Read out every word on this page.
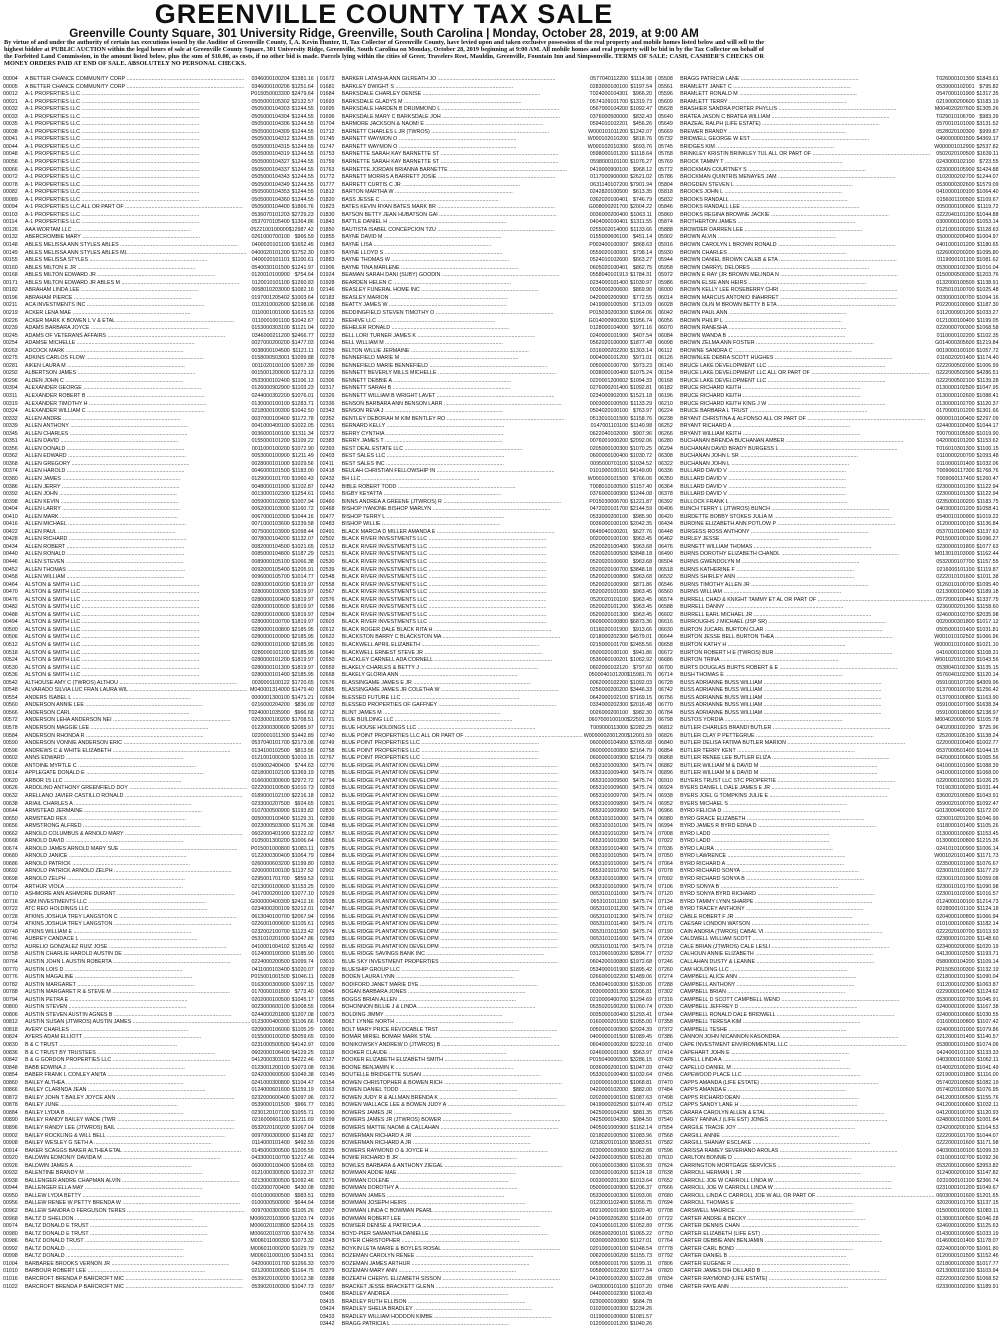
GREENVILLE COUNTY TAX SALE
Greenville County Square, 301 University Ridge, Greenville, South Carolina | Monday, October 28, 2019, at 9:00 AM
By virtue of and under the authority of certain tax executions issued by the Auditor of Greenville County, I, A. Kevin Hunter, II, Tax Collector of Greenville County, have levied upon and taken exclusive possession of the real property and mobile homes listed below and will sell to the highest bidder at PUBLIC AUCTION within the legal hours of sale at Greenville County Square, 301 University Ridge, Greenville, South Carolina on Monday, October 28, 2019 beginning at 9:00 AM. All mobile homes and real property will be bid in by the Tax Collector on behalf of the Forfeited Land Commission, in the amount listed below, plus the sum of $10.00, as costs, if no other bid is made. Parcels lying within the cities of Greer, Travelers Rest, Mauldin, Greenville, Fountain Inn and Simpsonville. TERMS OF SALE: CASH, CASHIER'S CHECKS OR MONEY ORDERS PAID AT END OF SALE. ABSOLUTELY NO PERSONAL CHECKS.
00004	A BETTER CHANCE COMMUNITY CORP ................................................................................	0346000100204 $1381.16
00005	A BETTER CHANCE COMMUNITY CORP ................................................................................	0346000100206 $1251.64
00012	A-1 PROPERTIES LLC ................................................................................	P015050003300 $2479.64
00021	A-1 PROPERTIES LLC ................................................................................	0505000105302 $2132.57
00032	A-1 PROPERTIES LLC ................................................................................	0505000104303 $1244.55
00033	A-1 PROPERTIES LLC ................................................................................	0505000104304 $1244.55
00035	A-1 PROPERTIES LLC ................................................................................	0505000104306 $1244.55
00038	A-1 PROPERTIES LLC ................................................................................	0505000104309 $1244.55
00041	A-1 PROPERTIES LLC ................................................................................	0505000104312 $1244.55
00044	A-1 PROPERTIES LLC ................................................................................	0505000104315 $1244.55
00048	A-1 PROPERTIES LLC ................................................................................	0505000104319 $1244.55
00056	A-1 PROPERTIES LLC ................................................................................	0505000104327 $1244.55
00066	A-1 PROPERTIES LLC ................................................................................	0505000104337 $1244.55
00072	A-1 PROPERTIES LLC ................................................................................	0505000104343 $1244.55
00078	A-1 PROPERTIES LLC ................................................................................	0505000104349 $1244.55
00082	A-1 PROPERTIES LLC ................................................................................	0505000104353 $1244.55
00089	A-1 PROPERTIES LLC ................................................................................	0505000104360 $1244.55
00094	A-1 PROPERTIES LLC ALL OR PART OF ................................................................................	0505000104400 $1866.76
00103	A-1 PROPERTIES LLC ................................................................................	0536070101203 $2729.23
00114	A-1 PROPERTIES LLC ................................................................................	0537070105400 $1364.86
00126	AAA WORTAM LLC ................................................................................	0522100100000 $12987.42
00132	ABERCROMBIE MARY ................................................................................	0261000700100 $966.59
00148	ABLES MELISSA ANN STYLES ABLES ................................................................................	0400020101100 $1652.45
00149	ABLES MELISSA ANN STYLES ABLES ML ................................................................................ 0400020101200 $1752.30
00155	ABLES MELISSA STYLES ................................................................................	0400020101101 $1100.61
00160	ABLES MILTON E JR ................................................................................	0540030101500 $1241.97
00168	ABLES MILTON EDWARD JR ................................................................................	0120010100900 $754.64
00171	ABLES MILTON EDWARD JR ABLES M ................................................................................	0120010101100 $1260.83
00182	ABRAHAM LINDA LEE ................................................................................	0058010203000 $1082.16
00196	ABRAHAM PIERCE ................................................................................	0197001205402 $1003.64
00211	ACA INVESTMENTS INC ................................................................................	0112010002600 $2198.06
00219	ACKER LENA MAE ................................................................................	0110001001000 $1615.53
00226	ACKER MARK K BOWEN L V & ETAL ................................................................................	0110001001100 $1042.67
00239	ADAMS BARBARA JOYCE ................................................................................	0153000303100 $1121.04
00245	ADAMS OF VETERANS AFFAIRS ................................................................................	0346000211200 $2466.77
00254	ADAMSE MICHELLE ................................................................................	0027000200200 $1477.03
00263	ADCOCK MARK ................................................................................	0038000104500 $1121.11
00275	ADKINS CARLOS FLOW ................................................................................	0158090503001 $1099.88
00281	AIKEN LAURA M ................................................................................	0011020100100 $1057.39
00292	ALBERTSON JAMES ................................................................................	0015001200600 $1273.13
00296	ALDEN JOHN C ................................................................................	0533000102400 $1106.13
00304	ALEXANDER GEORGE ................................................................................	0126000902900 $1103.23
00311	ALEXANDER ROBERT B ................................................................................	0244000302200 $1076.01
00319	ALEXANDER TIMOTHY H ................................................................................	0130000100100 $1283.71
00324	ALEXANDER WILLIAM C ................................................................................	0218000100300 $1042.50
00332	ALLEN ANDRE ................................................................................	0037000100400 $1172.78
00339	ALLEN ANTHONY ................................................................................	0041000400100 $1022.05
00345	ALLEN CHARLES ................................................................................	0036000100100 $1311.34
00351	ALLEN DAVID ................................................................................	0155000101200 $1109.22
00356	ALLEN DONALD ................................................................................	0011000100200 $1072.90
00362	ALLEN EDWARD ................................................................................	0053000100900 $1211.49
00368	ALLEN GREGORY ................................................................................	0028000101000 $1029.56
00374	ALLEN HAROLD ................................................................................	0046000101500 $1183.00
00380	ALLEN JAMES ................................................................................	0129000101700 $1060.43
00386	ALLEN JERRY ................................................................................	0048000101900 $1102.87
00392	ALLEN JOHN ................................................................................	0013000102300 $1254.61
00398	ALLEN KEVIN ................................................................................	0059000102800 $1007.94
00404	ALLEN LARRY ................................................................................	0062000103000 $1160.72
00410	ALLEN MARK ................................................................................	0067000103300 $1044.16
00416	ALLEN MICHAEL ................................................................................	0071000103600 $1239.58
00422	ALLEN PAUL ................................................................................	0075000103900 $1098.44
00428	ALLEN RICHARD ................................................................................	0078000104200 $1132.07
00434	ALLEN ROBERT ................................................................................	0082000104500 $1021.65
00440	ALLEN RONALD ................................................................................	0085000104800 $1187.29
00446	ALLEN STEVEN ................................................................................	0089000105100 $1066.38
00452	ALLEN THOMAS ................................................................................	0092000105400 $1205.91
00458	ALLEN WILLIAM ................................................................................	0096000105700 $1014.77
00464	ALSTON & SMITH LLC ................................................................................	0280000100200 $1819.97
00470	ALSTON & SMITH LLC ................................................................................	0280000100300 $1819.97
00476	ALSTON & SMITH LLC ................................................................................	0280000100400 $1819.97
00482	ALSTON & SMITH LLC ................................................................................	0280000100500 $1819.97
00488	ALSTON & SMITH LLC ................................................................................	0280000100600 $1819.97
00494	ALSTON & SMITH LLC ................................................................................	0280000100700 $1819.97
00500	ALSTON & SMITH LLC ................................................................................	0280000100800 $2185.95
00506	ALSTON & SMITH LLC ................................................................................	0280000100900 $2185.95
00512	ALSTON & SMITH LLC ................................................................................	0280000101000 $2185.95
00518	ALSTON & SMITH LLC ................................................................................	0280000101100 $2185.95
00524	ALSTON & SMITH LLC ................................................................................	0280000101200 $1819.97
00530	ALSTON & SMITH LLC ................................................................................	0280000101300 $1819.97
00536	ALSTON & SMITH LLC ................................................................................	0280000101400 $2185.95
00542	ALTHOUSE AMY C (TWROS) ALTHOU ................................................................................	0030001100122 $1720.65
00548	ALVARADO SILVIA LUC FRAN LAURA WIL ................................................................................ M040001314000 $1479.40
00554	ANDERS ISABEL L ................................................................................	0000001300100 $1471.21
00560	ANDERSON ANNIE LEE ................................................................................	0216000204200 $836.09
00566	ANDERSON CARL ................................................................................	T0240001035900 $966.68
00572	ANDERSON LEHA ANDERSON NEI ................................................................................	0203000100200 $1708.51
00578	ANDERSON MAGGIE LEE ................................................................................	0122000300600 $2085.97
00584	ANDERSON RHONDA R ................................................................................	0220001011300 $1442.89
00590	ANDERSON VONNIE ANDERSON ERIC ................................................................................	0537040101700 $2173.08
00596	ANDREWS C & WHITE ELIZABETH ................................................................................	0134100102500 $813.56
00602	ANNS EDWARD ................................................................................	0121001000300 $1010.15
00608	ANTOINE MYRTLE C ................................................................................	0109002400400 $744.63
00614	APPLEGATE DONALD E ................................................................................	0218000102100 $1369.19
00620	ARBOR 15 LLC ................................................................................	0166000300600 $2972.72
00626	ARDOLINO ANTHONY GREENFIELD DOY ................................................................................ 0222000100500 $1010.73
00632	ARELLANO JAVIER CASTILLO RONALD ................................................................................	0189000102100 $2216.18
00638	ARIAIL CHARLES A ................................................................................	0233000207500 $924.65
00644	ARMSTEAD JERMAINE ................................................................................	0107000500900 $1193.82
00650	ARMSTEAD REX ................................................................................	0050000100400 $1129.31
00656	ARMSTRONG ALFRED ................................................................................	0023000503000 $1176.36
00662	ARNOLD COLUMBUS & ARNOLD MARY ................................................................................	0602000401900 $1322.02
00668	ARNOLD DAVID ................................................................................	0105001300200 $1006.64
00674	ARNOLD JAMES ARNOLD MARY SUE ................................................................................	P015001000800 $1083.11
00680	ARNOLD JANICE ................................................................................	0122000300400 $1064.79
00686	ARNOLD PATRICK ................................................................................	0260000603200 $1199.80
00692	ARNOLD PATRICK ARNOLD ZELPH ................................................................................	0200000100100 $1137.52
00698	ARNOLD ZELPH ................................................................................	0295001701700 $859.53
00704	ARTHUR VIOLA ................................................................................	0213000100600 $1153.25
00710	ASHMORE ANN ASHMORE DURANT ................................................................................	0417000200100 $1077.10
00716	ASM INVESTMENTS LLC ................................................................................	G000000400300 $2412.16
00722	ATC REO HOLDINGS LLC ................................................................................	0234000200109 $3212.01
00728	ATKINS JOSHUA TREY LANGSTON C ................................................................................	0613040100700 $2067.94
00734	ATKINS JOSHUA TREY LANGSTON ................................................................................	0226001000600 $1105.61
00740	ATKINS WILLIAM E ................................................................................	0232002100700 $1123.42
00746	AUBREY CANDACE L ................................................................................	0531010201000 $1047.86
00752	AURELIO GONZALEZ RUIZ JOSE ................................................................................	0410001004102 $1265.42
00758	AUSTIN CHARLIE HAROLD AUSTIN DE ................................................................................	0124000100300 $1185.90
00764	AUSTIN JOHN L AUSTIN ROBERTA ................................................................................	0224000200500 $1099.74
00770	AUSTIN LOIS D ................................................................................	0411000103400 $1020.07
00776	AUSTIN MAGALINE ................................................................................	P015001001500 $1046.11
00782	AUSTIN MARGARET ................................................................................	0163000300900 $1097.15
00788	AUSTIN MARGARET R & STEVE M ................................................................................	0170000101800 $773.40
00794	AUSTIN PETRA E ................................................................................	0202000100500 $1045.17
00800	AUSTIN STEVEN ................................................................................	0023000600100 $1008.55
00806	AUSTIN STEVEN AUSTIN AGNES B ................................................................................	0244000201800 $1207.08
00812	AUSTIN SUSAN (JTWROS) AUSTIN JAMES ................................................................................ 0123000400300 $1106.66
00818	AVERY CHARLES ................................................................................	0209000106000 $1105.29
00824	AYERS ADAM ELLIOTT ................................................................................	0155000100200 $5059.65
00830	B & C TRUST ................................................................................	0231000500500 $4142.97
00836	B & C TRUST BY TRUSTEES ................................................................................	0602000106400 $4129.25
00842	B & G GORDON PROPERTIES LLC ................................................................................	0412000303101 $4222.46
00848	BABB EDWINA J ................................................................................	0123001200100 $1073.08
00854	BABER FRANK L CONLEY ANITA ................................................................................	0242000600500 $1049.38
00860	BAILEY ALTHEA ................................................................................	0241000300800 $1104.47
00866	BAILEY CLARINDA JEAN ................................................................................	0124000601600 $1159.19
00872	BAILEY JOHN T BAILEY JOYCE ANN ................................................................................	0232000600400 $1097.96
00878	BAILEY JUNE ................................................................................	0539000101500 $966.77
00884	BAILEY LYDIA B ................................................................................	0230120107100 $1055.71
00890	BAILEY RANDY BAILEY WADE (TWR ................................................................................	0216000601100 $1211.69
00896	BAILEY RANDY LEE (JTWROS) BAIL ................................................................................	0532020100200 $1067.04
00902	BAILEY ROCKLING & WILL BELL ................................................................................	0097000300900 $1148.82
00908	BAILEY WESLEY G SETH A ................................................................................	0114000101400 $492.55
00914	BAKER SCAGGS BAKER ALTHEA ETAL ................................................................................	0145000300500 $1205.59
00920	BALDWIN EDMONIY DAVIDA M ................................................................................	0433000100700 $1217.46
00926	BALDWIN JAMES A ................................................................................	0600000100400 $1084.65
00932	BALENTINE BRANDY M ................................................................................	0121000300500 $1022.37
00938	BALLENGER ANDRE CHAPMAN ALVIN ................................................................................	0213000300500 $1092.46
00944	BALLENGER ELLA MAY ................................................................................	0102000700400 $430.08
00950	BALLEW LYDIA BETTY ................................................................................	0101000600500 $983.51
00956	BALLEW RENEE W PETTY BRENDA W ................................................................................	0100000500900 $644.64
00962	BALLEW SANDRA D FERGUSON TERES ................................................................................	0097000300300 $1105.26
00968	BALTZ D SHELDON ................................................................................	M006020103900 $1203.74
00974	BALTZ DONALD E TRUST ................................................................................	M006020103800 $2264.15
00980	BALTZ DONALD E TRUST ................................................................................	M006020103700 $1074.55
00986	BALTZ DONALD TRUST ................................................................................	M006011000300 $1073.32
00992	BALTZ DONALD ................................................................................	M006011000200 $1029.79
00998	BALTZ DONALD ................................................................................	M006011000100 $1043.51
01004	BARBAREE BROOKS VERNON JR ................................................................................	0420000101700 $1266.33
01010	BARBOUR ROBERT LEE ................................................................................	0212000100500 $1164.75
01016	BARCROFT BRENDA P BARCROFT MIC ................................................................................	0539020100200 $1012.38
01022	BARCROFT BRENDA P BARCROFT MIC ................................................................................	0539020100300 $1047.73
01672	BARKER LATASHA ANN GILREATH JO ................................................................................	0577040112200 $1114.98
01681	BARKLEY DWIGHT S ................................................................................	0283000100100 $1197.54
01684	BARKSDALE CHARLEY DENISE ................................................................................	T024000104301 $966.20
01693	BARKSDALE GLADYS M ................................................................................	0574109101700 $1319.73
01695	BARKSDALE HARDEN B DRUMMOND L ................................................................................	0567000104200 $1092.47
01696	BARKSDALE MARY C BARKSDALE JOH ................................................................................	0376000500000 $832.43
01704	BARMORE JACKSON & NAOMI E ................................................................................	0594010102201 $456.26
01712	BARNETT CHARLES L JR (TWROS) ................................................................................	W000101011200 $1242.07
01745	BARNETT WAYMON O ................................................................................	W000102010200 $818.76
01747	BARNETT WAYMON O ................................................................................	W000102010300 $693.76
01753	BARNETTE SARAH KAY BARNETTE ST ................................................................................	0598000101200 $1118.64
01759	BARNETTE SARAH KAY BARNETTE ST ................................................................................	0598000101100 $1076.27
01763	BARNETTE JORDAN BRIANNA BARNETTE ................................................................................	0419000900100 $968.12
01772	BARNETT MORRIS A BARRETT JOSIE ................................................................................	0117000900000 $2621.02
01777	BARRETT CURTIS C JR ................................................................................	0631140107200 $7901.94
01812	BARTON MARTHA W ................................................................................	0242820100500 $613.35
01820	BASS JESSE C ................................................................................	0362020100401 $746.79
01823	BATES KEVIN RYAN BATES MARK BR ................................................................................	G008000201700 $2004.22
01830	BATSON BETTY JEAN HUBATSON GAI ................................................................................	0036000200400 $1063.11
01843	BATTLE DANIEL H ................................................................................	0404000100401 $1311.55
01850	BAUTISTA ISABEL CONCEPCION TZU ................................................................................	0255002014000 $1133.66
01855	BAYNE DAVID M ................................................................................	0155000606100 $451.14
01863	BAYNE LISA ................................................................................	P003400100907 $868.63
01870	BAYNE LLOYD S ................................................................................	0559020100901 $798.14
01883	BAYNE THOMAS W ................................................................................	0524010102600 $663.27
01906	BAYNE TINA MARLENE ................................................................................	0605020100401 $862.75
01924	BEAMAN SARAH DANI (SUBY) GOODIN ................................................................................	0558040101913 $1784.31
01928	BEARDEN HELEN C ................................................................................	0234000101400 $1030.97
02146	BEASLEY FUNERAL HOME INC ................................................................................	0036000200600 $869.90
02183	BEASLEY MARION ................................................................................	0420000200900 $772.55
02188	BEATTY JAMES W ................................................................................	0419000100500 $713.09
02206	BEDDINGFIELD STEVEN TIMOTHY O ................................................................................	P015030200300 $1864.06
02212	BEEHIVE LLC ................................................................................	G014000900200 $1956.74
02220	BEHELER RONALD ................................................................................	0128000104000 $971.16
02233	BELL LORI TURNER JAMES K ................................................................................	0240000101900 $407.54
02246	BELL WILLIAM M ................................................................................	0562020100000 $1877.48
02259	BELTON WILLIE JERMAINE ................................................................................	0316000202200 $1303.14
02278	BENNEFIELD MARIE M ................................................................................	0004000101200 $971.01
02286	BENNEFIELD MARIE BENNEFIELD ................................................................................	0050000100700 $973.23
02295	BENNETT BEVERLY MILLS MICHELLE ................................................................................	0038000100400 $1075.24
02306	BENNETT DEBBIE A ................................................................................	0220001200602 $1094.33
02317	BENNETT SARAH B ................................................................................	0276000201400 $1092.81
02326	BENNETT WILLIAM B WRIGHT LAVET ................................................................................	0234000902000 $1521.18
02336	BENSON BARBARA ANN BENSON LARR ................................................................................	0003000100500 $1133.29
02343	BENSON REVA J ................................................................................	0504020100100 $763.97
02352	BENTLEY DEBORAH M KIM BENTLEY RO ................................................................................	0513010101500 $1158.76
02361	BERNARD KELLY ................................................................................	0147001101100 $1140.98
02372	BERRY CYNTHIA ................................................................................	0622040102000 $907.96
02383	BERRY JAMES T ................................................................................	0076001000200 $2092.06
02393	BEST DEAL ESTATE LLC ................................................................................	0205000100300 $1070.25
02403	BEST SALES LLC ................................................................................	0600000100400 $1030.72
02411	BEST SALES INC ................................................................................	0095000701100 $1034.52
02418	BEULAH CHRISTIAN FELLOWSHIP IN ................................................................................	0101000100101 $4149.00
02432	BH LLC ................................................................................	W000100101500 $766.06
02442	BIBLE ROBERT TODD ................................................................................	T008010100500 $1157.40
02451	BIGBY KEYATTA ................................................................................	0376000100900 $1244.08
02460	BINNS ANDREA A GREENE (JTWROS) R ................................................................................	P015030006700 $1221.87
02468	BISHOP IYANONE BISHOP MARLYN ................................................................................	0472020101700 $2144.59
02477	BISHOP TERRY L ................................................................................	0533000200100 $985.90
02483	BISHOP WILLIE ................................................................................	0036000100100 $2042.35
02491	BLACK MARCIA D MILLER AMANDA E ................................................................................	0649040100201 $627.76
02502	BLACK RIVER INVESTMENTS LLC ................................................................................	0020000100100 $963.45
02512	BLACK RIVER INVESTMENTS LLC ................................................................................	0520020100400 $963.68
02521	BLACK RIVER INVESTMENTS LLC ................................................................................	0520020100500 $3848.18
02530	BLACK RIVER INVESTMENTS LLC ................................................................................	0520020100600 $963.68
02539	BLACK RIVER INVESTMENTS LLC ................................................................................	0520020100700 $3848.18
02548	BLACK RIVER INVESTMENTS LLC ................................................................................	0520020100800 $963.68
02558	BLACK RIVER INVESTMENTS LLC ................................................................................	0520020100900 $871.86
02567	BLACK RIVER INVESTMENTS LLC ................................................................................	0520020101000 $963.45
02576	BLACK RIVER INVESTMENTS LLC ................................................................................	0520020101100 $963.45
02586	BLACK RIVER INVESTMENTS LLC ................................................................................	0520020101200 $963.45
02594	BLACK RIVER INVESTMENTS LLC ................................................................................	0520020101300 $963.45
02603	BLACK RIVER INVESTMENTS LLC ................................................................................	0609000100800 $6873.36
02612	BLACK ROGER DALE BLACK RITA H ................................................................................	0116020101900 $913.66
02622	BLACKSTON BARRY C BLACKSTON MA ................................................................................	0218000202300 $4579.01
02631	BLACKWELL APRIL ELIZABETH ................................................................................	0215000101700 $2455.56
02640	BLACKWELL ERNEST STEVE JR ................................................................................	0500020100100 $941.86
02650	BLACKLEY CARNELL ADA CORNELL ................................................................................	0536060100201 $1062.92
02659	BLAKELY CHARLES & BETTY J ................................................................................	0602000102120 $797.60
02668	BLAKELY GLORIA ANN ................................................................................	0500040101200 $15981.76
02676	BLASSINGAME JAMES E JR ................................................................................	0062000102200 $1092.03
02685	BLASSINGAME JAMES JR COLETHA W ................................................................................	0256000200200 $3446.33
02694	BLESSED FUTURE LLC ................................................................................	0642000102100 $7169.15
02703	BLESSED PROPERTIES OF GAFFNEY ................................................................................	0334000202300 $2016.48
02712	BLINT JAMES M ................................................................................	0026000200100 $982.30
02721	BLUE BUILDING LLC ................................................................................	0607000100100 $22591.39
02731	BLUE HOUSE HOLDINGS LLC ................................................................................	T009000113000 $2282.25
02740	BLUE POINT PROPERTIES LLC ALL OR PART OF ................................................................................ W0090002001200 $12001.59
02749	BLUE POINT PROPERTIES LLC ................................................................................	0600000104900 $3765.68
02758	BLUE POINT PROPERTIES LLC ................................................................................	0600000100800 $2164.79
02767	BLUE POINT PROPERTIES LLC ................................................................................	0600000100900 $2164.79
02776	BLUE RIDGE PLANTATION DEVELOPM ................................................................................	0653101009300 $475.74
02785	BLUE RIDGE PLANTATION DEVELOPM ................................................................................	0653101009400 $475.74
02794	BLUE RIDGE PLANTATION DEVELOPM ................................................................................	0653101009500 $475.74
02803	BLUE RIDGE PLANTATION DEVELOPM ................................................................................	0653101009600 $475.74
02812	BLUE RIDGE PLANTATION DEVELOPM ................................................................................	0653101009700 $475.74
02821	BLUE RIDGE PLANTATION DEVELOPM ................................................................................	0653101009800 $475.74
02830	BLUE RIDGE PLANTATION DEVELOPM ................................................................................	0653101009900 $475.74
02839	BLUE RIDGE PLANTATION DEVELOPM ................................................................................	0653101010000 $475.74
02848	BLUE RIDGE PLANTATION DEVELOPM ................................................................................	0653101010100 $475.74
02857	BLUE RIDGE PLANTATION DEVELOPM ................................................................................	0653101010200 $475.74
02866	BLUE RIDGE PLANTATION DEVELOPM ................................................................................	0653101010300 $475.74
02875	BLUE RIDGE PLANTATION DEVELOPM ................................................................................	0653101010400 $475.74
02884	BLUE RIDGE PLANTATION DEVELOPM ................................................................................	0653101010500 $475.74
02893	BLUE RIDGE PLANTATION DEVELOPM ................................................................................	0653101010600 $475.74
02902	BLUE RIDGE PLANTATION DEVELOPM ................................................................................	0653101010700 $475.74
02911	BLUE RIDGE PLANTATION DEVELOPM ................................................................................	0653101010800 $475.74
02920	BLUE RIDGE PLANTATION DEVELOPM ................................................................................	0653101010900 $475.74
02929	BLUE RIDGE PLANTATION DEVELOPM ................................................................................	0653101011000 $475.74
02938	BLUE RIDGE PLANTATION DEVELOPM ................................................................................	0653101011100 $475.74
02947	BLUE RIDGE PLANTATION DEVELOPM ................................................................................	0653101011200 $475.74
02956	BLUE RIDGE PLANTATION DEVELOPM ................................................................................	0653101011300 $475.74
02965	BLUE RIDGE PLANTATION DEVELOPM ................................................................................	0653101011400 $475.74
02974	BLUE RIDGE PLANTATION DEVELOPM ................................................................................	0653101011500 $475.74
02983	BLUE RIDGE PLANTATION DEVELOPM ................................................................................	0653101011600 $475.74
02992	BLUE RIDGE PLANTATION DEVELOPM ................................................................................	0653101011700 $475.74
03001	BLUE RIDGE SAVINGS BANK INC ................................................................................	0312060100200 $2894.77
03010	BLUE SKY INVESTMENT PROPERTIES ................................................................................	0604200100800 $1972.68
03019	BLUESHIP GROUP LLC ................................................................................	0534000101900 $1895.42
03028	BODEN LAURA LYNN ................................................................................	0266000102200 $1489.06
03037	BODIFORD JANET MARIE DYE ................................................................................	0536040100300 $1530.06
03046	BOGAN BARBARA JONES ................................................................................	0030000301300 $2006.81
03055	BOGGS BRIAN ALLEN ................................................................................	0210000400700 $1294.69
03064	BOHONNON BILLIE J & LINDA ................................................................................	0535020100200 $1060.74
03073	BOLDING JIMMY ................................................................................	0035000100400 $1293.41
03082	BOLT LYNNE NORTH ................................................................................	0160000201500 $1055.00
03091	BOLT MARY PRICE REVOCABLE TRST ................................................................................	0050000100900 $2924.39
03100	BOMAR MIRIEL BOMAR MARK STAL ................................................................................	0400000101500 $1089.45
03109	BONIKOWSKY ANDREW D (JTWROS) B ................................................................................	0604000100200 $2232.16
03118	BOOKER CLAUDE ................................................................................	0246000101900 $963.97
03127	BOOKER ELIZABETH ELIZABETH SMITH ................................................................................	P015040006500 $3286.15
03136	BOONE BENJAMIN K ................................................................................	0036000200100 $1047.09
03145	BOUTELLE BRIDGETTE SUSAN ................................................................................	0533010100400 $1032.64
03154	BOWEN CHRISTOPHER & BOWEN RICH ................................................................................	0100000100100 $1068.81
03163	BOWEN DANIEL TODD ................................................................................	0420000102000 $882.00
03172	BOWEN JUDY R & ALLMAN BRENDA K ................................................................................	0202000100100 $1087.63
03181	BOWEN WALLACE LEE & BOWEN JUDY A ................................................................................	0419000202500 $1074.40
03190	BOWERS JAMES JR ................................................................................	0425000104200 $881.35
03199	BOWERS JAMES JR (JTWROS) BOWER ................................................................................	0425000104300 $984.50
03208	BOWERS MATTIE NAOMI & CALLAHAN ................................................................................	0405001000900 $1162.14
03217	BOWERMAN RICHARD A JR ................................................................................	0218020100500 $1083.96
03226	BOWERMAN RICHARD A JR ................................................................................	0218020101100 $5983.51
03235	BOWERS RAYMOND O & JOYCE H ................................................................................	0230000100600 $1062.88
03244	BOWIE RICHARD B JR ................................................................................	0432000100500 $1051.80
03253	BOWLES BARBARA & ANTHONY ZIEGAL ................................................................................	0001000103800 $1036.93
03262	BOWMAN ADDIE MAE ................................................................................	0230020100200 $1124.18
03271	BOWMAN COLENE ................................................................................	0033000201300 $1013.64
03280	BOWMAN DOROTHY A ................................................................................	0500000100900 $1206.37
03289	BOWMAN JAMES ................................................................................	0533000100300 $1093.06
03298	BOWMAN JOSEPH HEIRS ................................................................................	0123001102400 $1056.75
03307	BOWMAN LINDA C BOWMAN PEARL ................................................................................	0021000101900 $1020.40
03316	BOWMAN ROBERT LEE ................................................................................	0410000206200 $1164.00
03325	BOWSER DENISE & PATRICIA A ................................................................................	0241000101200 $1052.89
03334	BOYD-PIER SAMANTHA DANIELLE ................................................................................	0605000200101 $1065.22
03343	BOYER CHRISTOPHER ................................................................................	0030000200300 $1127.01
03352	BOYKIN LETA MARIE & BOYLES ROSAL ................................................................................	0201000100100 $1048.54
03361	BOZEMAN CAROLYN RENEE ................................................................................	0062000100200 $1155.73
03370	BOZEMAN JAMES ARTHUR ................................................................................	0059000101700 $1095.11
03379	BOZEMAN MARY ANN ................................................................................	0058000102200 $1077.54
03388	BOZEATH CHERYL ELIZABETH SISSON ................................................................................	0410000100200 $1022.88
03397	BRACKET JESSE BRACKETT GLENN ................................................................................	0403000101100 $1107.20
03406	BRADLEY ANDREA ................................................................................	0440000102300 $1063.49
03415	BRADLEY RUTH ELLISON ................................................................................	0230000100800 $684.78
03424	BRADLEY SHELIA BRADLEY ................................................................................	0102000100300 $1234.26
03433	BRADLEY WILLIAM HODDON KIMBE ................................................................................	0119000100600 $1081.57
03442	BRAGG PATRICIA L ................................................................................	0120000101200 $1040.26
05508	BRAGG PATRICIA LANE ................................................................................	T026000101300 $1843.61
05561	BRAMLETT JANET C ................................................................................	0539000102001 $795.82
05596	BRAMLETT RONALD M ................................................................................	0547000101900 $1317.35
05609	BRAMLETT TERRY ................................................................................	0219000200600 $1183.19
05628	BRASHIER SANDRA PORTER PHYLLIS ................................................................................	M004020207600 $1305.26
05640	BRATEA JASON C BRATEA WILLIAM ................................................................................	T029010106700 $983.39
05649	BRAZEAL RALPH (LIFE ESTATE) ................................................................................	0570010101000 $3131.52
05669	BREWER BRANDY ................................................................................	0528020100300 $999.87
05732	BRIDWELL GEORGE W EST ................................................................................	0490000001500 $4369.17
05745	BRIDGES KIM ................................................................................	W000001012900 $2537.82
05768	BRINKLEY KRISTIN BRINKLEY TUL ALL OR PART OF ................................................................................	0502020100500 $1639.11
05769	BROCK TAMMY T ................................................................................	0243000102100 $723.55
05772	BROCKMAN COURTNEY S ................................................................................	0230000105900 $1424.88
05786	BROCKMAN QUINTRIS MENAYES JAM ................................................................................	0102000202700 $1244.07
05804	BROGDEN STEVEN L ................................................................................	0530000302600 $1579.09
05818	BROOKS JOHN L ................................................................................	0410000100100 $1064.40
05832	BROOKS RANDALL ................................................................................	0156001100500 $1109.67
05846	BROOKS RANDALL LEE ................................................................................	0050000100600 $1119.72
05860	BROOKS REGINA BROWNE JACKIE ................................................................................	0222040101200 $1044.88
05874	BROTHERTON JAMES ................................................................................	0300000100100 $1053.14
05888	BROWDER DARREN LEE ................................................................................	0121000100200 $1128.63
05902	BROWN ALVIN ................................................................................	0500000200400 $1004.97
05916	BROWN CAROLYN L BROWN RONALD ................................................................................	0401000101200 $1180.65
05930	BROWN CHARLES ................................................................................	0226000200200 $1095.80
05944	BROWN DANIEL BROWN CALEB & ETA ................................................................................	0119000101100 $1081.62
05958	BROWN DARRYL DELORES ................................................................................	0530000102300 $1016.04
05972	BROWN E RAY (JR BROWN MELINDA N ................................................................................	0150000500300 $1203.76
05986	BROWN ELSIE ANN HEIRS ................................................................................	0132000100500 $1138.91
06000	BROWN KELLY LEE ROSEBERRY CHRI ................................................................................	T025010100700 $1025.48
06014	BROWN MARCUS ANTONIO INAHRRET ................................................................................	0030000100700 $1094.16
06028	BROWN OLIN M BROWN BETTY B ETA ................................................................................	P022000100900 $1187.30
06042	BROWN PAUL ANN ................................................................................	0112000901200 $1033.27
06056	BROWN PHILIP L ................................................................................	0121000100400 $1199.05
06070	BROWN RANESHA ................................................................................	0220000700300 $1068.58
06084	BROWN WANDA B ................................................................................	0110000102200 $1102.35
06098	BROWN ZELMA ANN FOSTER ................................................................................	G014000305600 $1219.84
06112	BROWNE SANDRA C ................................................................................	0019000100100 $1057.72
06126	BROWNLEE DEBRA SCOTT HUGHES ................................................................................	0116020201400 $1174.40
06140	BRUCE LAKE DEVELOPMENT LLC ................................................................................	0222000502000 $1006.99
06154	BRUCE LAKE DEVELOPMENT LLC ALL OR PART OF ................................................................................	0222000502900 $4286.51
06168	BRUCE LAKE DEVELOPMENT LLC ................................................................................	0222000502100 $1139.28
06182	BRUCE RICHARD KEITH ................................................................................	0130000102500 $1047.95
06196	BRUCE RICHARD KEITH ................................................................................	0130000102600 $1088.41
06210	BRUCE RICHARD KEITH KING J W ................................................................................	0130000102700 $1120.37
06224	BRUCE BARBARA L TRUST ................................................................................	0170000101200 $1301.66
06238	BRYANT CHRISTINA & ALFONSO ALL OR PART OF ................................................................................	0600010100400 $2297.09
06252	BRYANT RICHARD A ................................................................................	0244000100400 $1044.17
06266	BRYANT WILLIAM KEITH ................................................................................	T007000105500 $1019.90
06280	BUCHANAN BRENDA BUCHANAN AMBER ................................................................................	0420000101200 $1153.62
06294	BUCHANAN DAVID BRADY BURGESS L ................................................................................	T016010301300 $1100.15
06308	BUCHANAN JOHN L SR ................................................................................	0110000200700 $1093.48
06322	BUCHANAN JOHN L ................................................................................	0110000101400 $1032.06
06336	BULLARD DAVID V ................................................................................	T009060117300 $1768.76
06350	BULLARD DAVID V ................................................................................	T009060117400 $1260.47
06364	BULLARD DAVID V ................................................................................	0230000101200 $1122.94
06378	BULLARD DAVID V ................................................................................	0230000101300 $1122.94
06392	BULLOCK FRANK L ................................................................................	0235000100200 $1183.75
06406	BUNCH TERRY L (JTWROS) BUNCH ................................................................................	0403000101200 $1058.41
06420	BURDETTE BOBBY STOKES JULIA M ................................................................................	0540010100900 $1019.22
06434	BURDINE ELIZABETH ANN POTLOW P ................................................................................	0120000100100 $1136.84
06448	BURGESS ROSS ANTHONY ................................................................................	0537010100400 $1137.63
06462	BURLEY JESSE ................................................................................	P015000100100 $1096.27
06476	BURNETT WILLIAM THOMAS ................................................................................	0230000101800 $1077.63
06490	BURNS DOROTHY ELIZABETH CHANDL ................................................................................	M013010103000 $1162.44
06504	BURNS GWENDOLYN M ................................................................................	0532000107700 $1157.55
06518	BURNS KATHERINE F ................................................................................	0216000101100 $1119.87
06532	BURNS SHIRLEY ANN ................................................................................	0222010101600 $1011.38
06546	BURNS TIMOTHY ALLEN JR ................................................................................	0126010100700 $1095.40
06560	BURNS WILLIAM ................................................................................	0213000100400 $1189.18
06574	BURRELL CHAD & KNIGHT TAMMY ET AL OR PART OF ................................................................................ 0572000100441 $1337.75
06588	BURRELL DANNY ................................................................................	0236000201300 $1158.60
06602	BURRELL EARL MICHAEL JR ................................................................................	0246000102700 $2035.98
06616	BURROUGHS J MICHAEL (JSP SR) ................................................................................	0020000301800 $1017.12
06630	BURTON JUCARL BURTON CLAR ................................................................................	0505000101400 $1031.81
06644	BURTON JESSE BELL BURTON THEA ................................................................................	W001010102502 $1066.96
06658	BURTON KATHY H ................................................................................	W000010101600 $1021.10
06672	BURTON ROBERT H E (TWROS) BUR ................................................................................	0416000102000 $1108.31
06686	BURTON TRINA ................................................................................	W001020101200 $1043.56
06700	BURTS DOUGLAS BURTS ROBERT & E ................................................................................	0538040102300 $1135.15
06714	BUSH THOMAS E ................................................................................	0576040102300 $1120.14
06728	BUSS ADRIANNE BUSS WILLIAM ................................................................................	0591000107200 $4309.96
06742	BUSS ADRIANNE BUSS WILLIAM ................................................................................	0137000100700 $1256.42
06756	BUSS ADRIANNE BUSS WILLIAM ................................................................................	0137000100800 $1163.90
06770	BUSS ADRIANNE BUSS WILLIAM ................................................................................	0591000107900 $1638.34
06784	BUSS ADRIANNE BUSS WILLIAM ................................................................................	0591000108000 $2138.97
06798	BUSTOS YORDIA ................................................................................	M004020000700 $1105.78
06812	BUTLER CHARLES BRANDI BUTLER ................................................................................	0402000102200 $725.96
06826	BUTLER CLAY P PETTEGRUE ................................................................................	0252000105100 $1138.24
06840	BUTLER DELISA FATIMA BUTLER MARION ................................................................................	0220000100400 $1002.77
06854	BUTLER TERRY KENT ................................................................................	0537000501400 $1044.15
06868	BUTLER RENEE LEE BUTLER ELIZA ................................................................................	0420000100600 $1065.56
06882	BUTLER WILLIAM M & DAVID M ................................................................................	0410000101900 $1088.39
06896	BUTLER WILLIAM M & DAVID M ................................................................................	0410000102000 $1068.00
06910	BUYERS TRUST LLC STC PROPERTIE ................................................................................	0220000102901 $1026.25
06924	BYERS DANIEL L DALE JAMES E JR ................................................................................	T019030100200 $1031.44
06938	BYERS JOEL G TOMPKINS JULIE E ................................................................................	0360020100500 $1043.91
06952	BYERS MICHAEL S ................................................................................	0590020100700 $1092.47
06966	BYRD FELICIA D ................................................................................	G013000400200 $1172.00
06980	BYRD GRACE ELIZABETH ................................................................................	0230010201200 $1046.99
06994	BYRD JAMES R BYRD EDNA D ................................................................................	0118000101400 $1105.26
07008	BYRD LADD ................................................................................	0130000100600 $1153.45
07022	BYRD LADD ................................................................................	0130000100800 $1215.36
07036	BYRD LAURA ................................................................................	0241010100900 $1006.14
07050	BYRD LAWRENCE ................................................................................	W001020101400 $1171.73
07064	BYRD RICHARD A ................................................................................	0235000101900 $1076.67
07078	BYRD RICHARD SONYA ................................................................................	0230010101800 $1177.29
07092	BYRD RICHARD SONYA B ................................................................................	0230010101900 $1059.08
07106	BYRD SONYA B ................................................................................	0230010101700 $1090.98
07120	BYRD SONYA BYRD RICHARD ................................................................................	0230010102000 $1016.57
07134	BYRD TAMMY LYNN SHARPE ................................................................................	0124000100100 $1214.73
07148	BYRD TRACEY ANTHONY ................................................................................	0228000101100 $1124.18
07162	CABLE ROBERT F JR ................................................................................	0204000100800 $1066.94
07176	CAESAR LONDON WATSON ................................................................................	0101000100600 $1182.14
07190	CAIN ANDRIA (TWROS) CABAL VI ................................................................................	0222020100700 $1013.93
07204	CALDWELL WILLIAM SCOTT ................................................................................	0238000101200 $1148.60
07218	CALE BRIAN (JTWROS) CALE LESLI ................................................................................	0234000200300 $1020.19
07232	CALHOUN ANNIE ELIZABETH ................................................................................	0413000102500 $1193.71
07246	CALLAHAN DUSTY & LEANNE ................................................................................	0580000104200 $1109.14
07260	CAM HOLDING LLC ................................................................................	P015050100300 $1132.19
07274	CAMPBELL ALICE ANN ................................................................................	0218000101900 $1090.04
07288	CAMPBELL ANTHONY ................................................................................	0112000102300 $1063.87
07302	CAMPBELL BRIAN ................................................................................	0229000100400 $1124.62
07316	CAMPBELL D SCOTT CAMPBELL WEND ................................................................................	0530000102700 $1045.91
07330	CAMPBELL JEFFREY D ................................................................................	0240000100200 $1167.38
07344	CAMPBELL RONALD DALE BRIDWELL ................................................................................	0240000100600 $1030.55
07358	CAMPBELL TERESA KIM ................................................................................	0116000100800 $1107.42
07372	CAMPBELL TESHE ................................................................................	0240000101000 $1079.86
07386	CANNON JOHN NICANNON KASONDRA ................................................................................	0212000101400 $1140.57
07400	CAPE INVESTMENT ENVIRONMENTAL LLC ................................................................................	0538000101500 $1074.06
07414	CAPEHART JOHN E ................................................................................	0424000101100 $1133.33
07428	CAPELL LINDA A ................................................................................	0403000101600 $1062.11
07442	CAPELLO DANIEL M ................................................................................	0140020100200 $1041.49
07456	CAPEWOOD PLACE LLC ................................................................................	0219000101800 $1116.00
07470	CAPPS AMANDA (LIFE ESTATE) ................................................................................	0574020100500 $1082.19
07484	CAPPS AMANDA E ................................................................................	0574020100600 $1076.95
07498	CAPPS RICHARD DEAN ................................................................................	0412000100500 $1155.76
07512	CAPPS SANDY LANE H ................................................................................	0412000100600 $1032.11
07526	CARARA CAROLYN ALLEN & ETAL ................................................................................	0412000100700 $1120.93
07540	CAREY FANNA J (LIFE EST) JONES ................................................................................	0248000101500 $1001.84
07554	CARGILE TRACIE JOY ................................................................................	0242000200100 $1164.53
07568	CARGILL ANNIE ................................................................................	0222000101700 $1044.07
07582	CARGILL SHANAY ESCLAKE ................................................................................	0222000101600 $1171.98
07596	CARISSA RAMEY SEVERIANO AROLAS ................................................................................	0403000100100 $1099.33
07610	CARLTON BONNIE D ................................................................................	0110000102700 $1092.36
07624	CARRINGTON MORTGAGE SERVICES ................................................................................	0532000100900 $3953.82
07638	CARROLL HERMAN L JR ................................................................................	0124000200100 $1147.82
07652	CARROLL JOE W CARROLL LINDA W ................................................................................	0231000101100 $2366.74
07666	CARROLL JOE W CARROLL LINDA W ................................................................................	0231000101200 $1049.67
07680	CARROLL LINDA C CARROLL JOE W ALL OR PART OF ................................................................................ 0603000101600 $1201.65
07694	CARROLL THOMAS E ................................................................................	0202000101700 $1137.15
07708	CARSWELL MAURICE ................................................................................	0150000100200 $1083.11
07722	CARTER ANDRE & BECKY ................................................................................	0138000100500 $1046.28
07736	CARTER DENNIS CHAN ................................................................................	0246000100200 $1125.63
07750	CARTER ELIZABETH (LIFE EST) ................................................................................	0143000100900 $1033.19
07764	CARTER DEBBIE ANN BENJAMIN ................................................................................	0146000101400 $1178.07
07778	CARTER CARL BOND ................................................................................	0224000100700 $1061.80
07792	CARTER DANIEL B ................................................................................	0120000101500 $1152.46
07806	CARTER EUGENE R ................................................................................	0218000100300 $1017.77
07820	CARTER JAMES DIH DILLARD B ................................................................................	0213000102100 $1103.94
07834	CARTER RAYMOND (LIFE ESTATE) ................................................................................	0222000102300 $1068.52
07848	CARTER FAYE ANN ................................................................................	0233000102200 $1189.91
